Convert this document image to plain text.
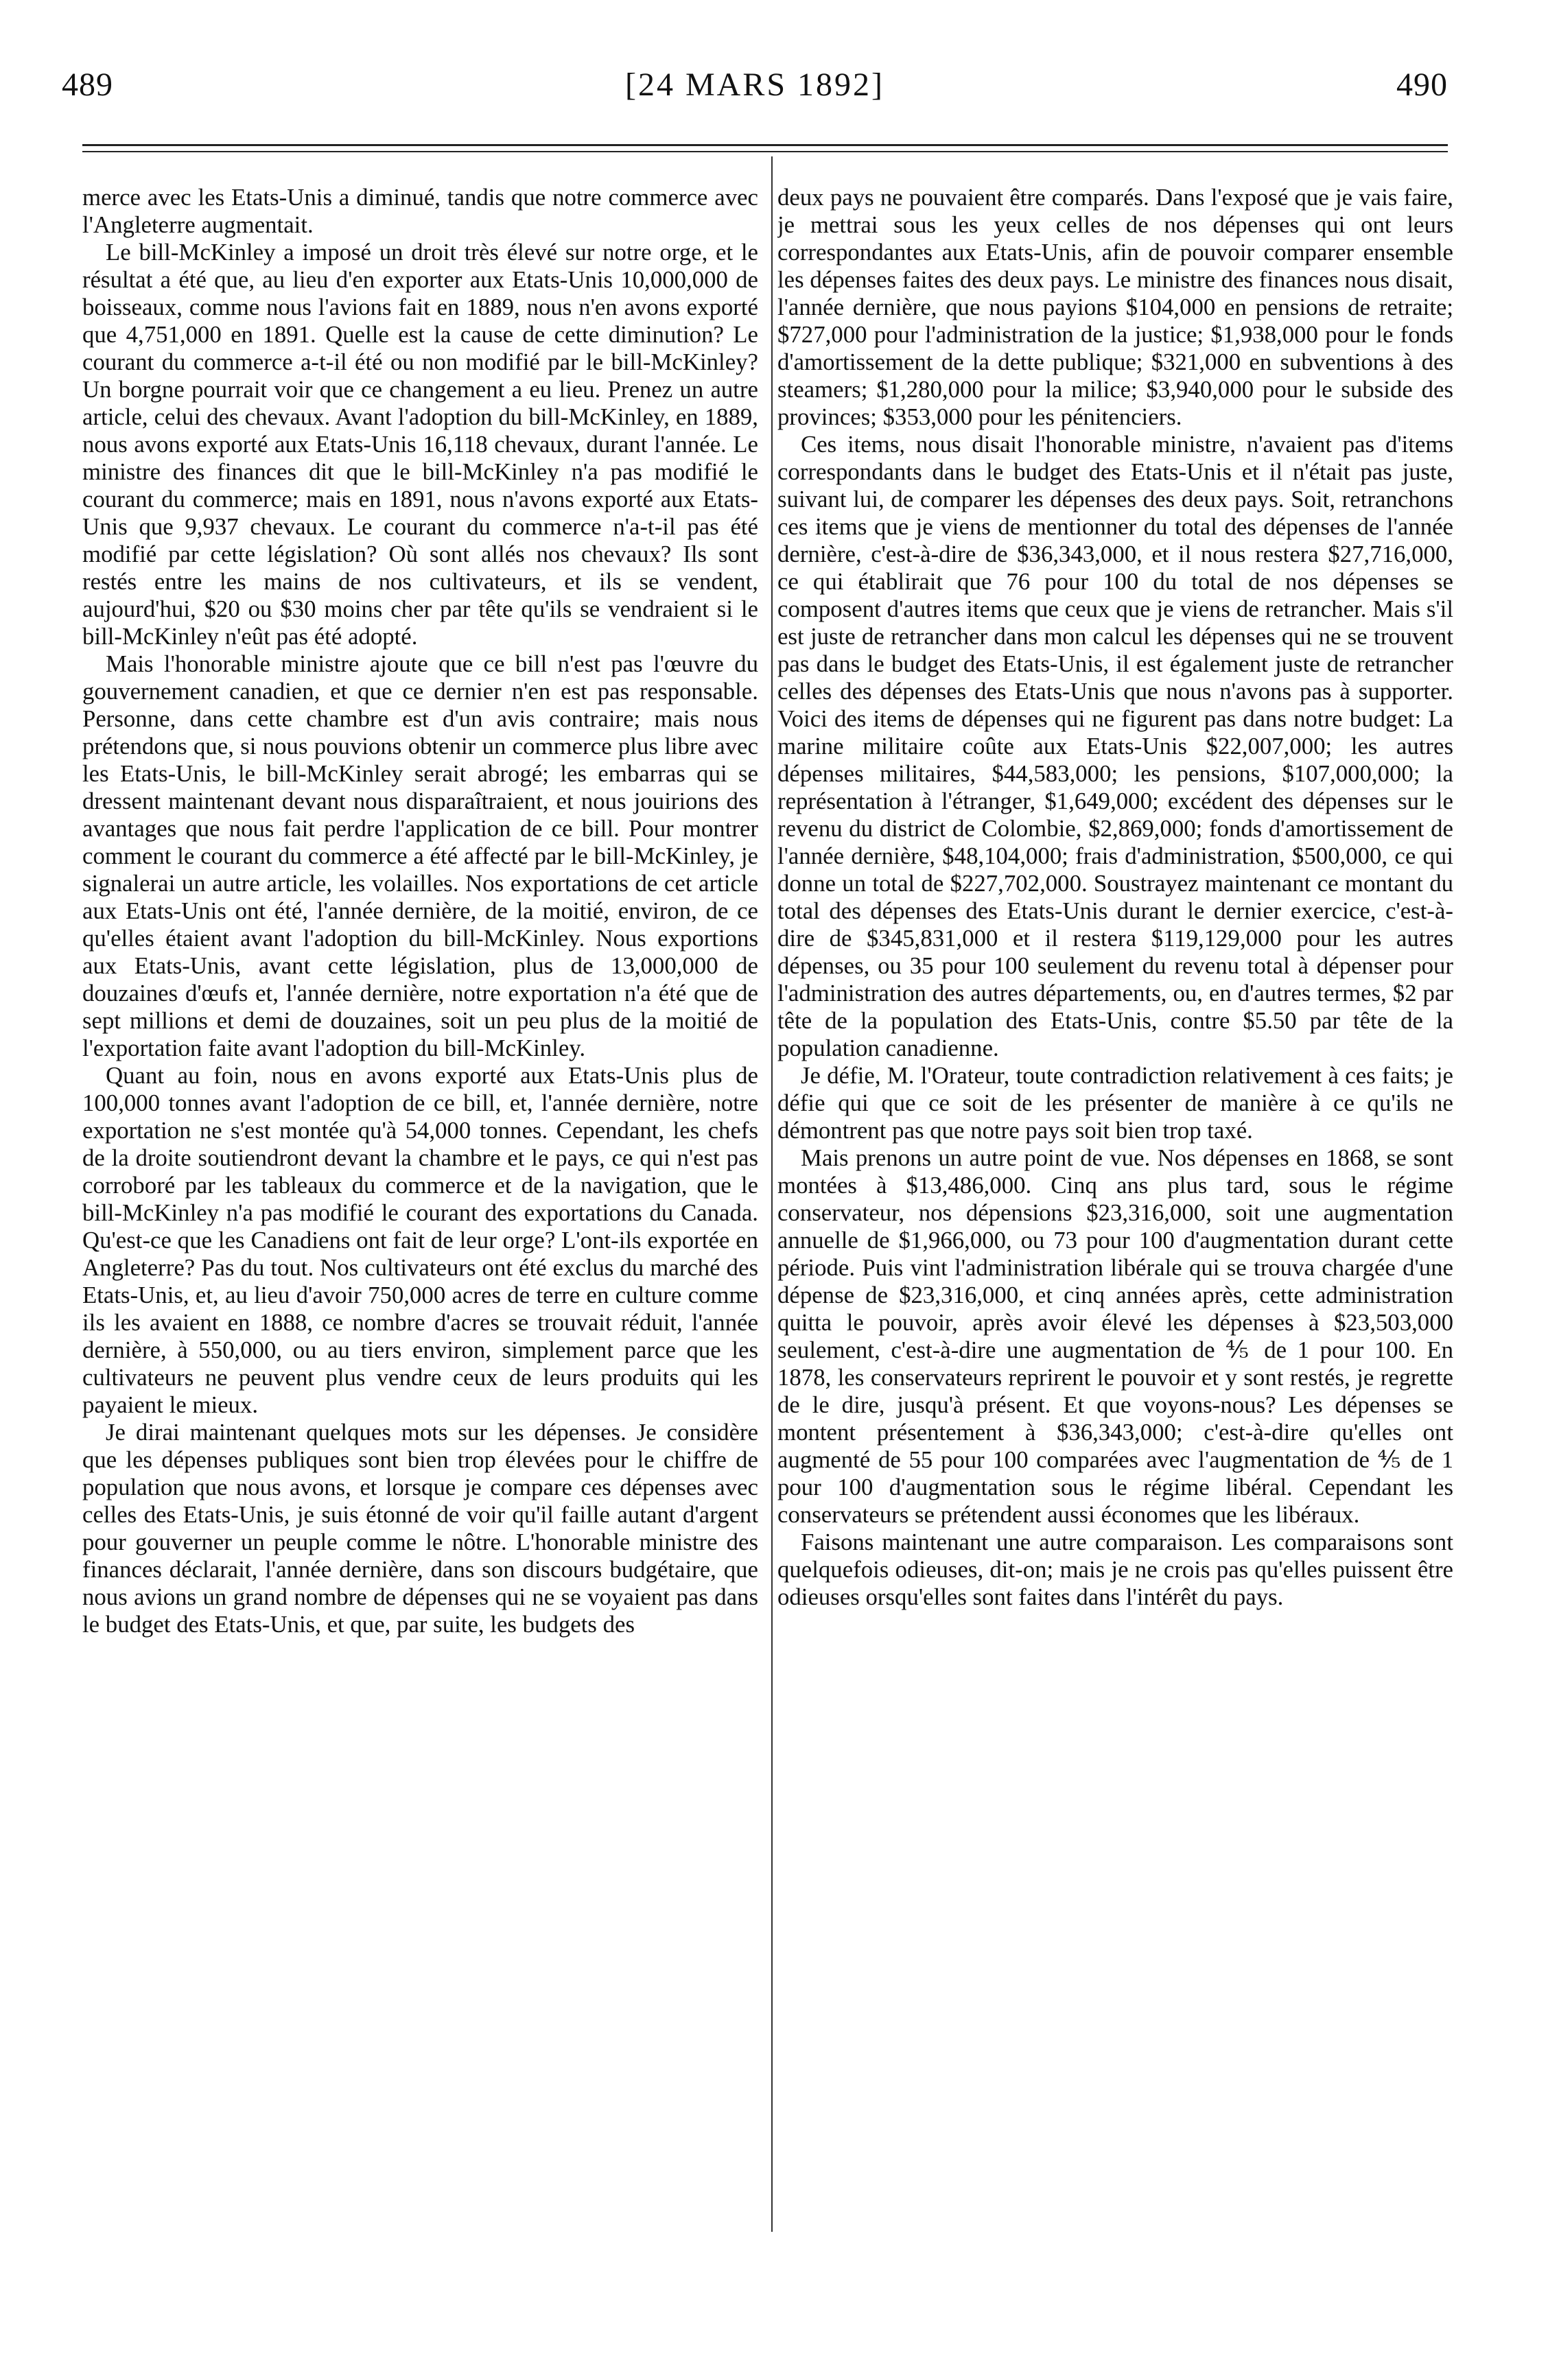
489	[24 MARS 1892]	490

merce avec les Etats-Unis a diminué, tandis que notre commerce avec l'Angleterre augmentait.

Le bill-McKinley a imposé un droit très élevé sur notre orge, et le résultat a été que, au lieu d'en exporter aux Etats-Unis 10,000,000 de boisseaux, comme nous l'avions fait en 1889, nous n'en avons exporté que 4,751,000 en 1891. Quelle est la cause de cette diminution? Le courant du commerce a-t-il été ou non modifié par le bill-McKinley? Un borgne pourrait voir que ce changement a eu lieu. Prenez un autre article, celui des chevaux. Avant l'adoption du bill-McKinley, en 1889, nous avons exporté aux Etats-Unis 16,118 chevaux, durant l'année. Le ministre des finances dit que le bill-McKinley n'a pas modifié le courant du commerce; mais en 1891, nous n'avons exporté aux Etats-Unis que 9,937 chevaux. Le courant du commerce n'a-t-il pas été modifié par cette législation? Où sont allés nos chevaux? Ils sont restés entre les mains de nos cultivateurs, et ils se vendent, aujourd'hui, $20 ou $30 moins cher par tête qu'ils se vendraient si le bill-McKinley n'eût pas été adopté.

Mais l'honorable ministre ajoute que ce bill n'est pas l'œuvre du gouvernement canadien, et que ce dernier n'en est pas responsable. Personne, dans cette chambre est d'un avis contraire; mais nous prétendons que, si nous pouvions obtenir un commerce plus libre avec les Etats-Unis, le bill-McKinley serait abrogé; les embarras qui se dressent maintenant devant nous disparaîtraient, et nous jouirions des avantages que nous fait perdre l'application de ce bill. Pour montrer comment le courant du commerce a été affecté par le bill-McKinley, je signalerai un autre article, les volailles. Nos exportations de cet article aux Etats-Unis ont été, l'année dernière, de la moitié, environ, de ce qu'elles étaient avant l'adoption du bill-McKinley. Nous exportions aux Etats-Unis, avant cette législation, plus de 13,000,000 de douzaines d'œufs et, l'année dernière, notre exportation n'a été que de sept millions et demi de douzaines, soit un peu plus de la moitié de l'exportation faite avant l'adoption du bill-McKinley.

Quant au foin, nous en avons exporté aux Etats-Unis plus de 100,000 tonnes avant l'adoption de ce bill, et, l'année dernière, notre exportation ne s'est montée qu'à 54,000 tonnes. Cependant, les chefs de la droite soutiendront devant la chambre et le pays, ce qui n'est pas corroboré par les tableaux du commerce et de la navigation, que le bill-McKinley n'a pas modifié le courant des exportations du Canada. Qu'est-ce que les Canadiens ont fait de leur orge? L'ont-ils exportée en Angleterre? Pas du tout. Nos cultivateurs ont été exclus du marché des Etats-Unis, et, au lieu d'avoir 750,000 acres de terre en culture comme ils les avaient en 1888, ce nombre d'acres se trouvait réduit, l'année dernière, à 550,000, ou au tiers environ, simplement parce que les cultivateurs ne peuvent plus vendre ceux de leurs produits qui les payaient le mieux.

Je dirai maintenant quelques mots sur les dépenses. Je considère que les dépenses publiques sont bien trop élevées pour le chiffre de population que nous avons, et lorsque je compare ces dépenses avec celles des Etats-Unis, je suis étonné de voir qu'il faille autant d'argent pour gouverner un peuple comme le nôtre. L'honorable ministre des finances déclarait, l'année dernière, dans son discours budgétaire, que nous avions un grand nombre de dépenses qui ne se voyaient pas dans le budget des Etats-Unis, et que, par suite, les budgets des

deux pays ne pouvaient être comparés. Dans l'exposé que je vais faire, je mettrai sous les yeux celles de nos dépenses qui ont leurs correspondantes aux Etats-Unis, afin de pouvoir comparer ensemble les dépenses faites des deux pays. Le ministre des finances nous disait, l'année dernière, que nous payions $104,000 en pensions de retraite; $727,000 pour l'administration de la justice; $1,938,000 pour le fonds d'amortissement de la dette publique; $321,000 en subventions à des steamers; $1,280,000 pour la milice; $3,940,000 pour le subside des provinces; $353,000 pour les pénitenciers.

Ces items, nous disait l'honorable ministre, n'avaient pas d'items correspondants dans le budget des Etats-Unis et il n'était pas juste, suivant lui, de comparer les dépenses des deux pays. Soit, retranchons ces items que je viens de mentionner du total des dépenses de l'année dernière, c'est-à-dire de $36,343,000, et il nous restera $27,716,000, ce qui établirait que 76 pour 100 du total de nos dépenses se composent d'autres items que ceux que je viens de retrancher. Mais s'il est juste de retrancher dans mon calcul les dépenses qui ne se trouvent pas dans le budget des Etats-Unis, il est également juste de retrancher celles des dépenses des Etats-Unis que nous n'avons pas à supporter. Voici des items de dépenses qui ne figurent pas dans notre budget: La marine militaire coûte aux Etats-Unis $22,007,000; les autres dépenses militaires, $44,583,000; les pensions, $107,000,000; la représentation à l'étranger, $1,649,000; excédent des dépenses sur le revenu du district de Colombie, $2,869,000; fonds d'amortissement de l'année dernière, $48,104,000; frais d'administration, $500,000, ce qui donne un total de $227,702,000. Soustrayez maintenant ce montant du total des dépenses des Etats-Unis durant le dernier exercice, c'est-à-dire de $345,831,000 et il restera $119,129,000 pour les autres dépenses, ou 35 pour 100 seulement du revenu total à dépenser pour l'administration des autres départements, ou, en d'autres termes, $2 par tête de la population des Etats-Unis, contre $5.50 par tête de la population canadienne.

Je défie, M. l'Orateur, toute contradiction relativement à ces faits; je défie qui que ce soit de les présenter de manière à ce qu'ils ne démontrent pas que notre pays soit bien trop taxé.

Mais prenons un autre point de vue. Nos dépenses en 1868, se sont montées à $13,486,000. Cinq ans plus tard, sous le régime conservateur, nos dépensions $23,316,000, soit une augmentation annuelle de $1,966,000, ou 73 pour 100 d'augmentation durant cette période. Puis vint l'administration libérale qui se trouva chargée d'une dépense de $23,316,000, et cinq années après, cette administration quitta le pouvoir, après avoir élevé les dépenses à $23,503,000 seulement, c'est-à-dire une augmentation de ⅘ de 1 pour 100. En 1878, les conservateurs reprirent le pouvoir et y sont restés, je regrette de le dire, jusqu'à présent. Et que voyons-nous? Les dépenses se montent présentement à $36,343,000; c'est-à-dire qu'elles ont augmenté de 55 pour 100 comparées avec l'augmentation de ⅘ de 1 pour 100 d'augmentation sous le régime libéral. Cependant les conservateurs se prétendent aussi économes que les libéraux.

Faisons maintenant une autre comparaison. Les comparaisons sont quelquefois odieuses, dit-on; mais je ne crois pas qu'elles puissent être odieuses orsqu'elles sont faites dans l'intérêt du pays.
